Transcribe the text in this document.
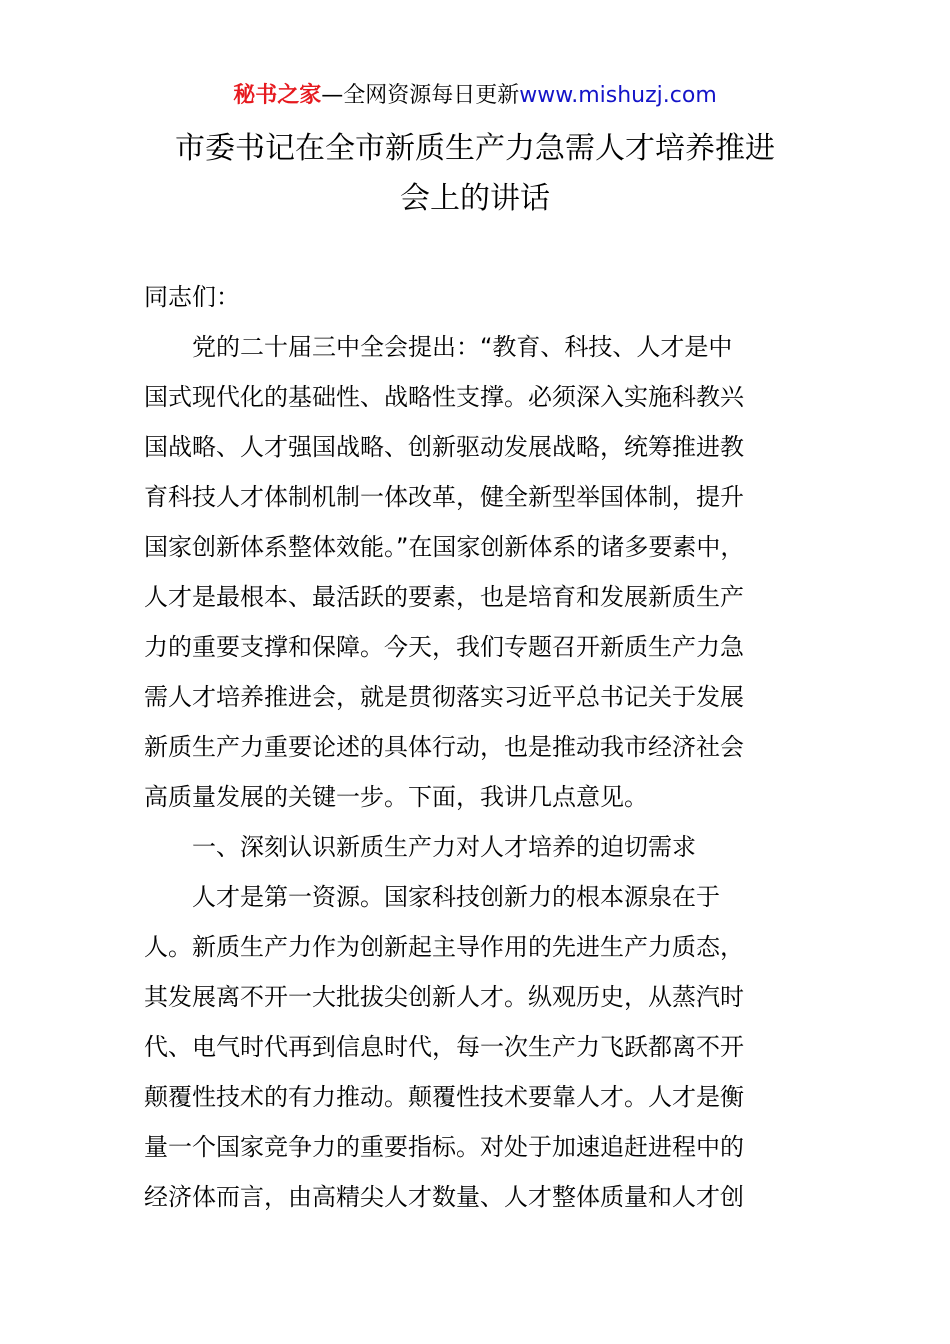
秘书之家—全网资源每日更新www.mishuzj.com
市委书记在全市新质生产力急需人才培养推进
会上的讲话
同志们：
党的二十届三中全会提出：“教育、科技、人才是中
国式现代化的基础性、战略性支撑。必须深入实施科教兴
国战略、人才强国战略、创新驱动发展战略，统筹推进教
育科技人才体制机制一体改革，健全新型举国体制，提升
国家创新体系整体效能。”在国家创新体系的诸多要素中，
人才是最根本、最活跃的要素，也是培育和发展新质生产
力的重要支撑和保障。今天，我们专题召开新质生产力急
需人才培养推进会，就是贯彻落实习近平总书记关于发展
新质生产力重要论述的具体行动，也是推动我市经济社会
高质量发展的关键一步。下面，我讲几点意见。
一、深刻认识新质生产力对人才培养的迫切需求
人才是第一资源。国家科技创新力的根本源泉在于
人。新质生产力作为创新起主导作用的先进生产力质态，
其发展离不开一大批拔尖创新人才。纵观历史，从蒸汽时
代、电气时代再到信息时代，每一次生产力飞跃都离不开
颠覆性技术的有力推动。颠覆性技术要靠人才。人才是衡
量一个国家竞争力的重要指标。对处于加速追赶进程中的
经济体而言，由高精尖人才数量、人才整体质量和人才创
